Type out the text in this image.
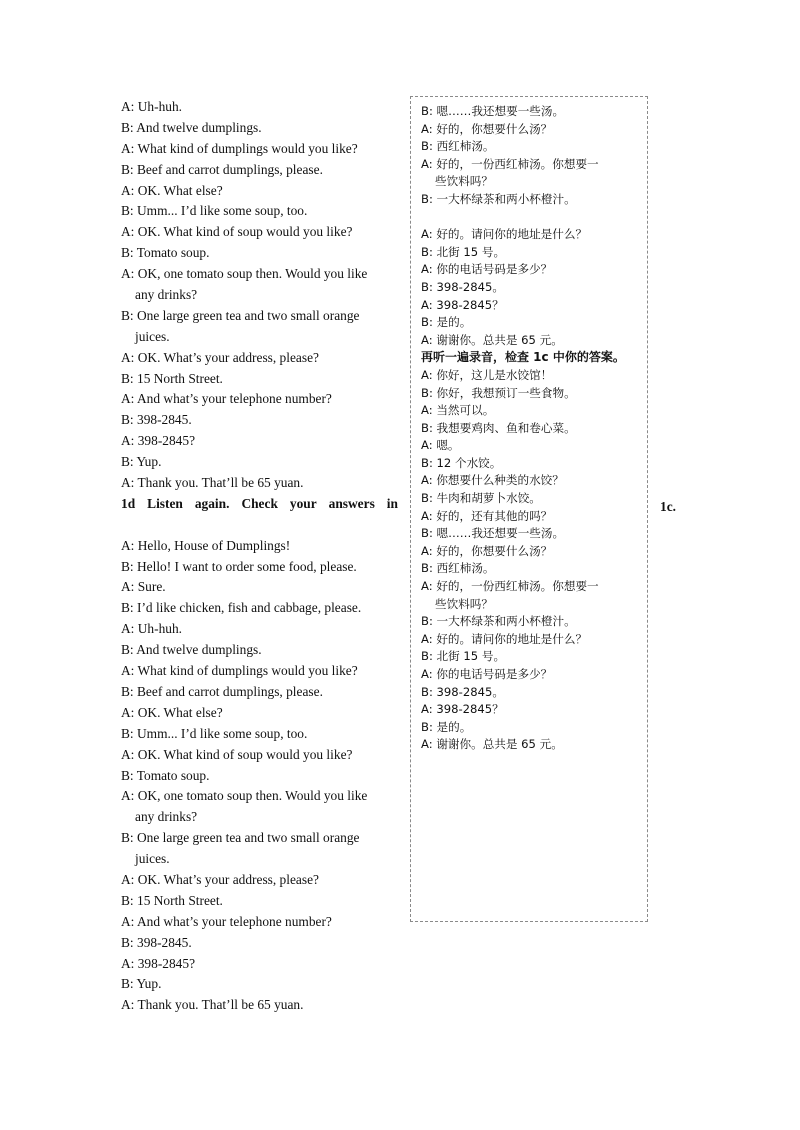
A: Uh-huh.
B: And twelve dumplings.
A: What kind of dumplings would you like?
B: Beef and carrot dumplings, please.
A: OK. What else?
B: Umm... I’d like some soup, too.
A: OK. What kind of soup would you like?
B: Tomato soup.
A: OK, one tomato soup then. Would you like
any drinks?
B: One large green tea and two small orange
juices.
A: OK. What’s your address, please?
B: 15 North Street.
A: And what’s your telephone number?
B: 398-2845.
A: 398-2845?
B: Yup.
A: Thank you. That’ll be 65 yuan.
1d Listen again. Check your answers in
A: Hello, House of Dumplings!
B: Hello! I want to order some food, please.
A: Sure.
B: I’d like chicken, fish and cabbage, please.
A: Uh-huh.
B: And twelve dumplings.
A: What kind of dumplings would you like?
B: Beef and carrot dumplings, please.
A: OK. What else?
B: Umm... I’d like some soup, too.
A: OK. What kind of soup would you like?
B: Tomato soup.
A: OK, one tomato soup then. Would you like
any drinks?
B: One large green tea and two small orange
juices.
A: OK. What’s your address, please?
B: 15 North Street.
A: And what’s your telephone number?
B: 398-2845.
A: 398-2845?
B: Yup.
A: Thank you. That’ll be 65 yuan.
1c.
B: 嗯……我还想要一些汤。
A: 好的，你想要什么汤？
B: 西红柿汤。
A: 好的，一份西红柿汤。你想要一
些饮料吗？
B: 一大杯绿茶和两小杯橙汁。
A: 好的。请问你的地址是什么？
B: 北街 15 号。
A: 你的电话号码是多少？
B: 398-2845。
A: 398-2845？
B: 是的。
A: 谢谢你。总共是 65 元。
再听一遍录音，检查 1c 中你的答案。
A: 你好，这儿是水饺馆！
B: 你好，我想预订一些食物。
A: 当然可以。
B: 我想要鸡肉、鱼和卷心菜。
A: 嗯。
B: 12 个水饺。
A: 你想要什么种类的水饺？
B: 牛肉和胡萝卜水饺。
A: 好的，还有其他的吗？
B: 嗯……我还想要一些汤。
A: 好的，你想要什么汤？
B: 西红柿汤。
A: 好的，一份西红柿汤。你想要一
些饮料吗？
B: 一大杯绿茶和两小杯橙汁。
A: 好的。请问你的地址是什么？
B: 北街 15 号。
A: 你的电话号码是多少？
B: 398-2845。
A: 398-2845？
B: 是的。
A: 谢谢你。总共是 65 元。
